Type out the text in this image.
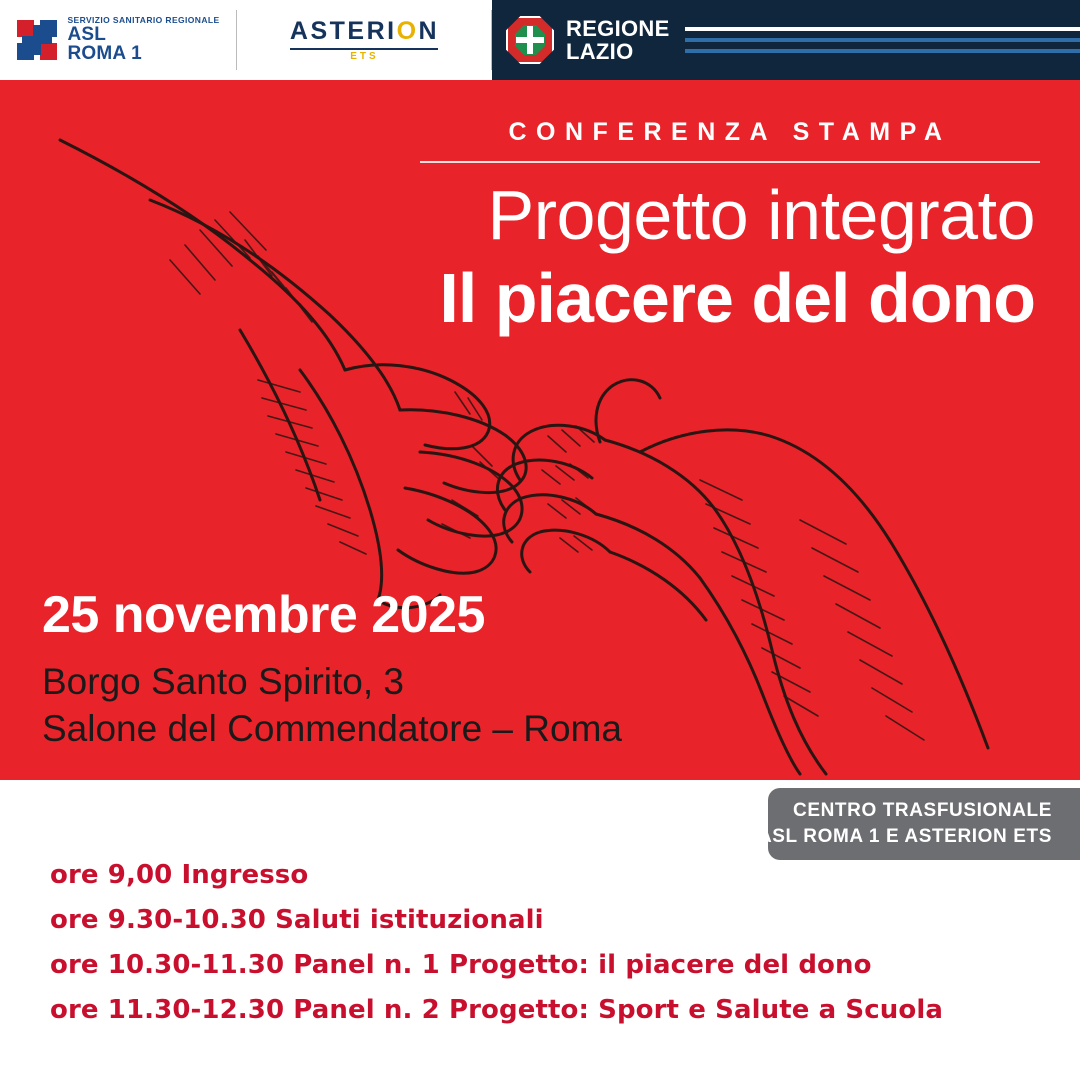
SERVIZIO SANITARIO REGIONALE
ASL
ROMA 1
ASTERION
ETS
REGIONE
LAZIO
CONFERENZA STAMPA
Progetto integrato
Il piacere del dono
25 novembre 2025
Borgo Santo Spirito, 3
Salone del Commendatore – Roma
CENTRO TRASFUSIONALE
ASL ROMA 1 E ASTERION ETS
ore 9,00 Ingresso
ore 9.30-10.30 Saluti istituzionali
ore 10.30-11.30 Panel n. 1 Progetto: il piacere del dono
ore 11.30-12.30 Panel n. 2 Progetto: Sport e Salute a Scuola
